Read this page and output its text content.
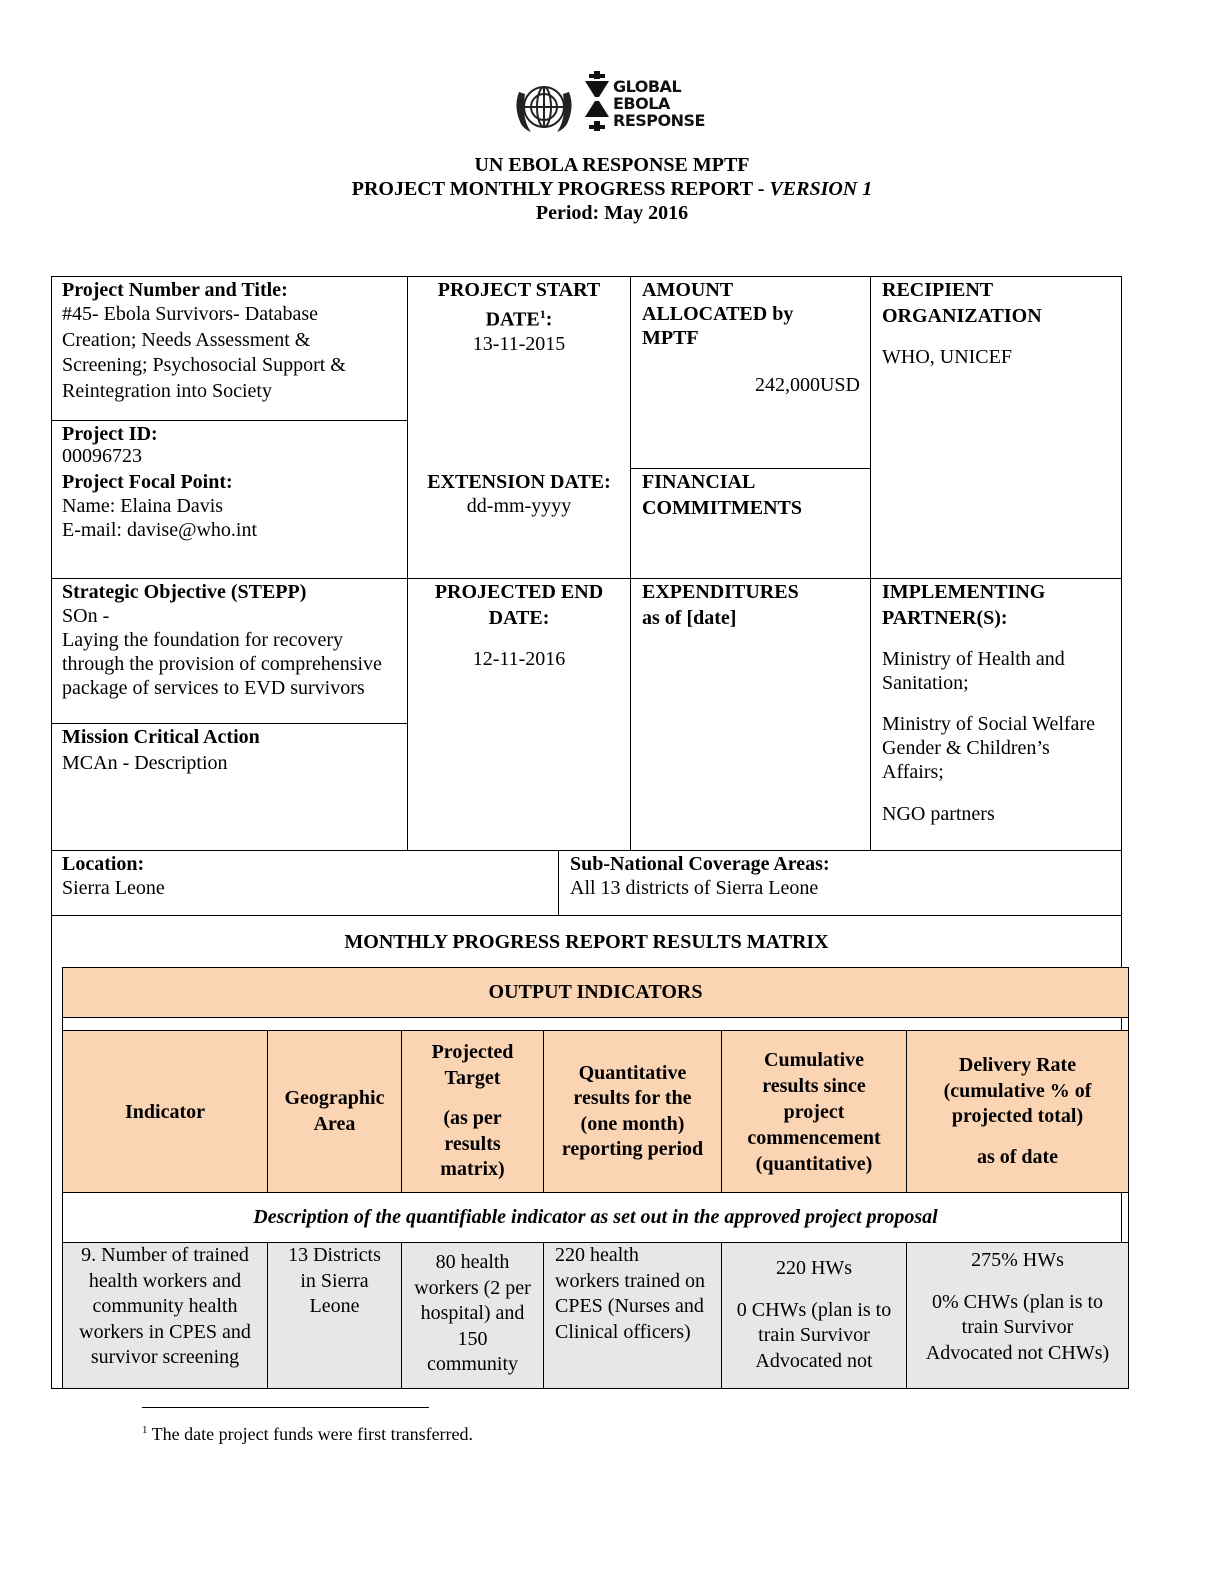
GLOBAL EBOLA RESPONSE
UN EBOLA RESPONSE MPTF
PROJECT MONTHLY PROGRESS REPORT - VERSION 1
Period: May 2016
Project Number and Title:
#45- Ebola Survivors- Database
Creation; Needs Assessment &
Screening; Psychosocial Support &
Reintegration into Society
Project ID:
00096723
Project Focal Point:
Name: Elaina Davis
E-mail: davise@who.int
PROJECT START
DATE$^1$:
13-11-2015
EXTENSION DATE:
dd-mm-yyyy
AMOUNT
ALLOCATED by
MPTF
242,000USD
FINANCIAL
COMMITMENTS
RECIPIENT
ORGANIZATION
WHO, UNICEF
Strategic Objective (STEPP)
SOn -
Laying the foundation for recovery
through the provision of comprehensive
package of services to EVD survivors
Mission Critical Action
MCAn - Description
PROJECTED END
DATE:
12-11-2016
EXPENDITURES
as of [date]
IMPLEMENTING
PARTNER(S):
Ministry of Health and
Sanitation;
Ministry of Social Welfare
Gender & Children’s
Affairs;
NGO partners
Location:
Sierra Leone
Sub-National Coverage Areas:
All 13 districts of Sierra Leone
MONTHLY PROGRESS REPORT RESULTS MATRIX
OUTPUT INDICATORS
Indicator
Geographic
Area
Projected
Target
(as per
results
matrix)
Quantitative
results for the
(one month)
reporting period
Cumulative
results since
project
commencement
(quantitative)
Delivery Rate
(cumulative % of
projected total)
as of date
Description of the quantifiable indicator as set out in the approved project proposal
9. Number of trained
health workers and
community health
workers in CPES and
survivor screening
13 Districts
in Sierra
Leone
80 health
workers (2 per
hospital) and
150
community
220 health
workers trained on
CPES (Nurses and
Clinical officers)
220 HWs
0 CHWs (plan is to
train Survivor
Advocated not
275% HWs
0% CHWs (plan is to
train Survivor
Advocated not CHWs)
$^1$ The date project funds were first transferred.
